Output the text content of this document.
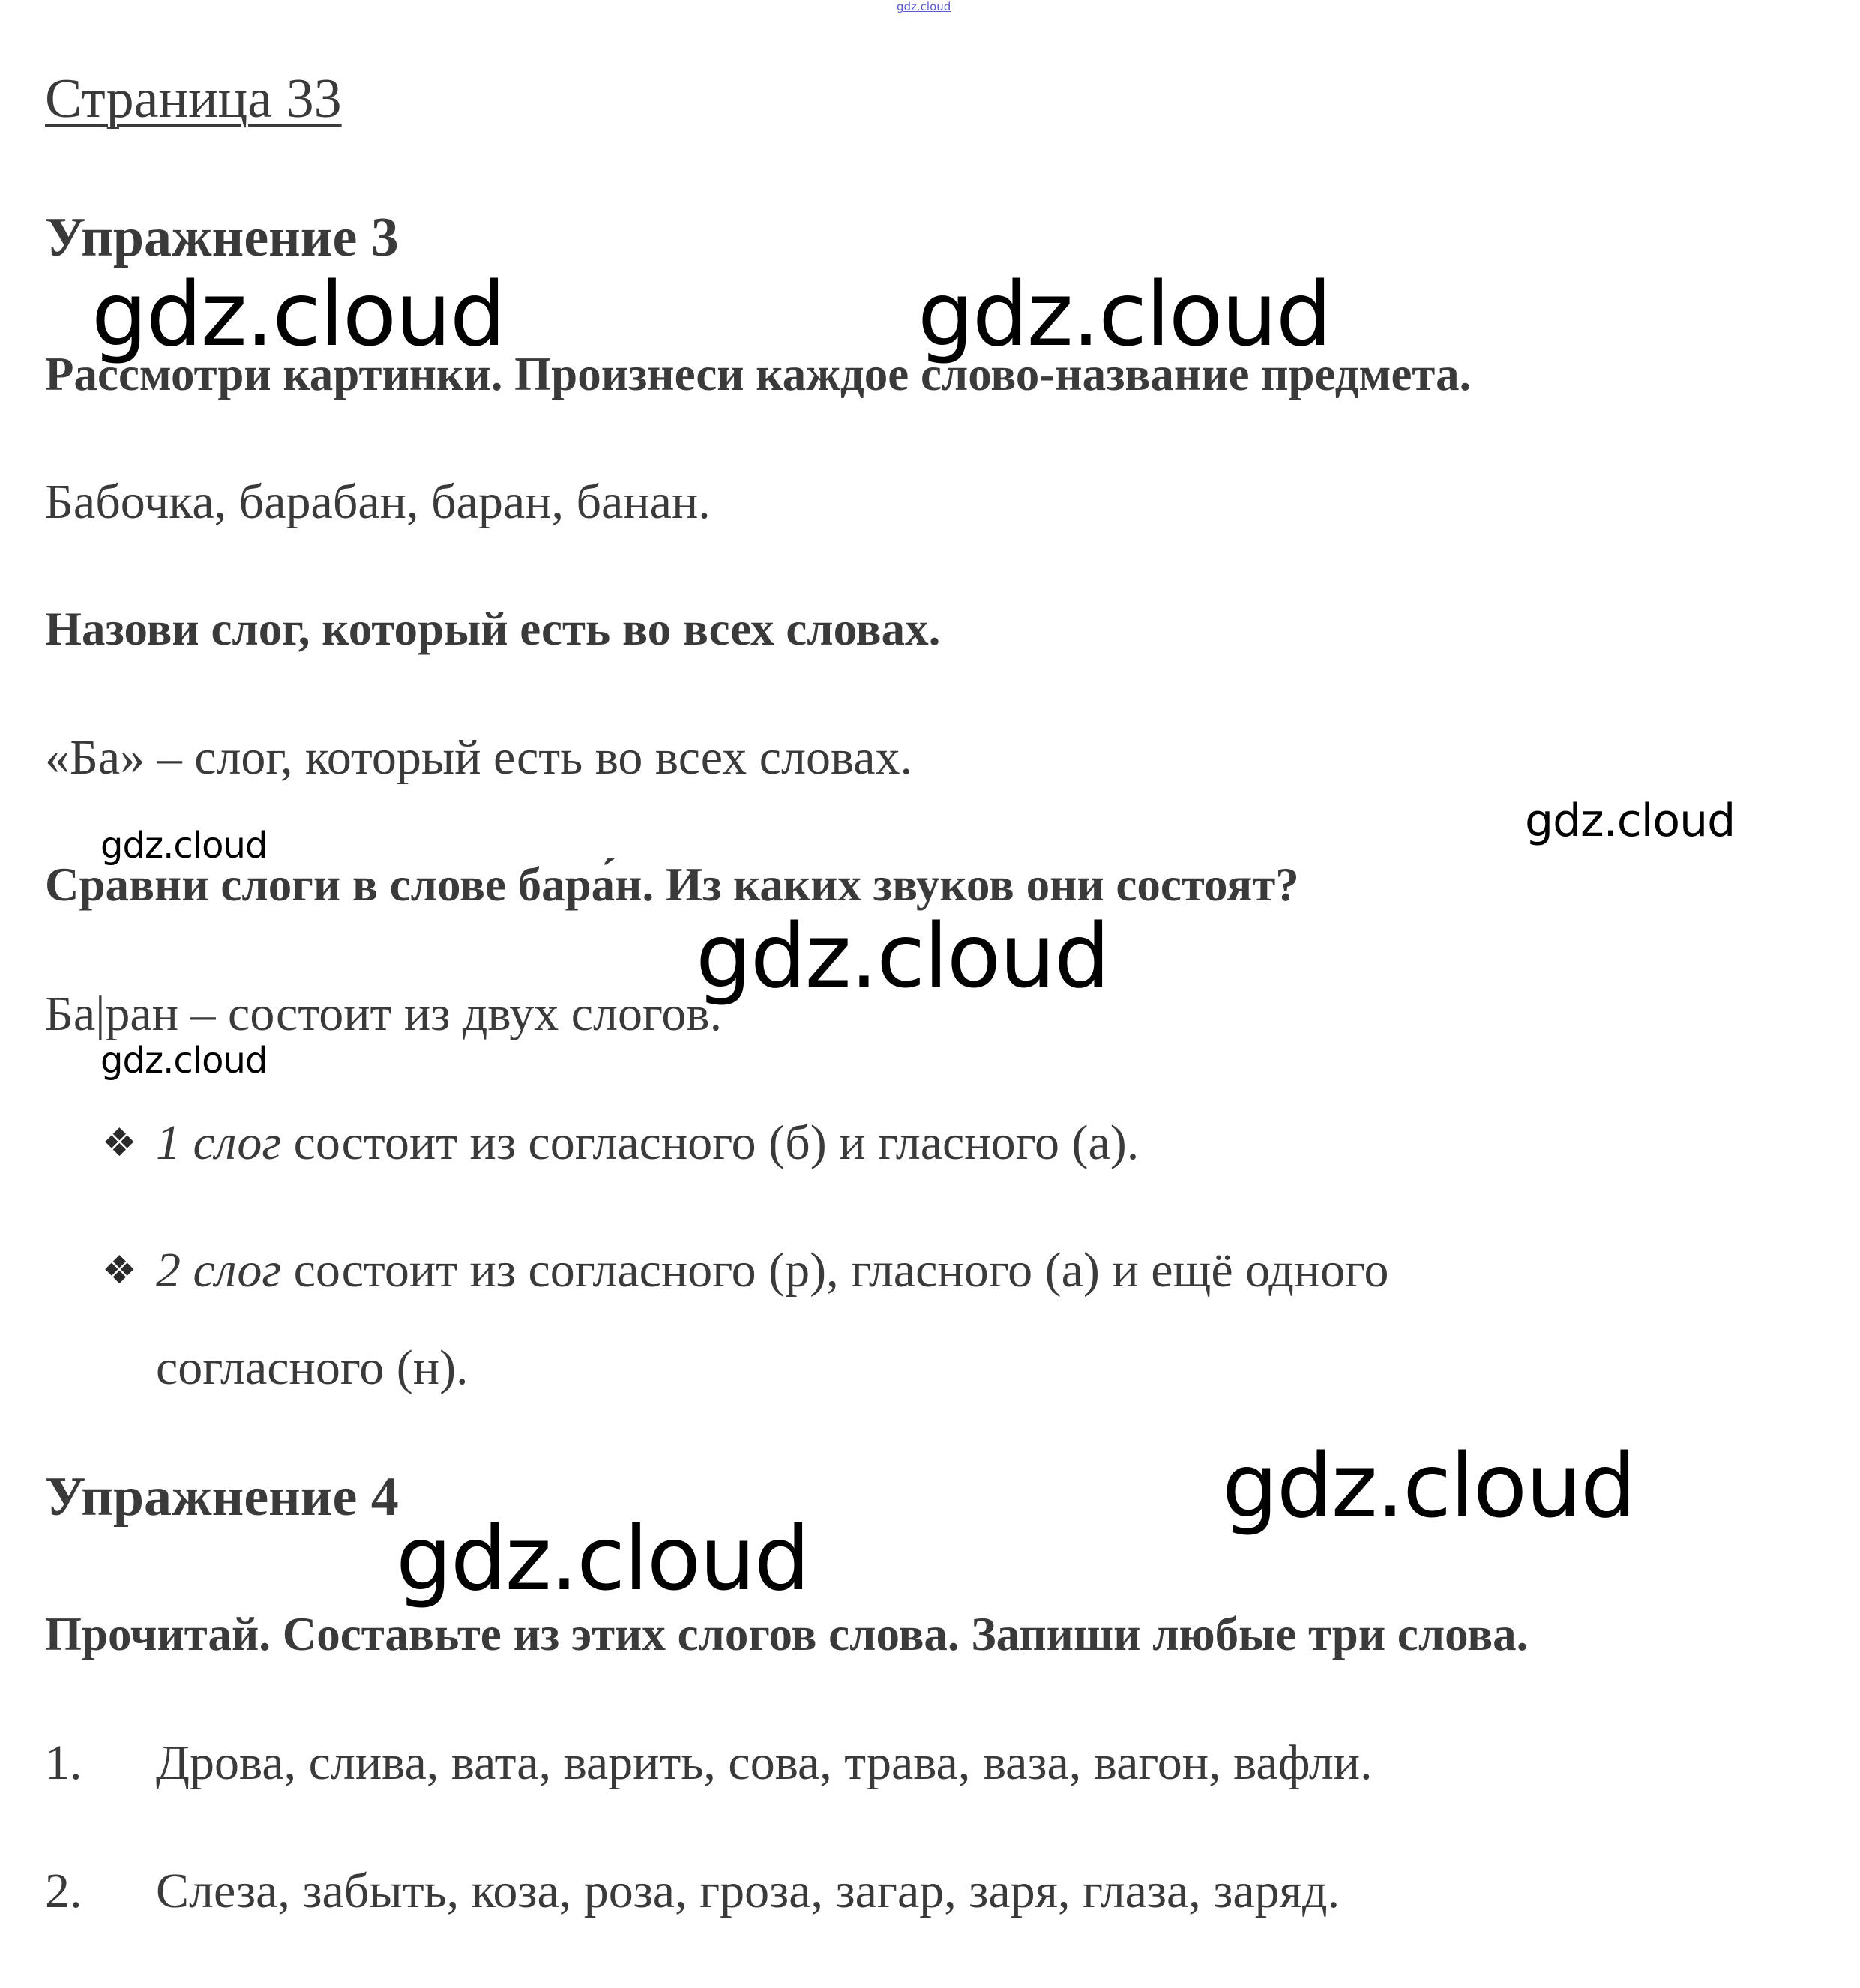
gdz.cloud
Страница 33
Упражнение 3
Рассмотри картинки. Произнеси каждое слово-название предмета.
Бабочка, барабан, баран, банан.
Назови слог, который есть во всех словах.
«Ба» – слог, который есть во всех словах.
Сравни слоги в слове бара́н. Из каких звуков они состоят?
Ба|ран – состоит из двух слогов.
❖ 1 слог состоит из согласного (б) и гласного (а).
❖ 2 слог состоит из согласного (р), гласного (а) и ещё одного
согласного (н).
Упражнение 4
Прочитай. Составьте из этих слогов слова. Запиши любые три слова.
1. Дрова, слива, вата, варить, сова, трава, ваза, вагон, вафли.
2. Слеза, забыть, коза, роза, гроза, загар, заря, глаза, заряд.
gdz.cloud	gdz.cloud
gdz.cloud	gdz.cloud
gdz.cloud
gdz.cloud
gdz.cloud
gdz.cloud
